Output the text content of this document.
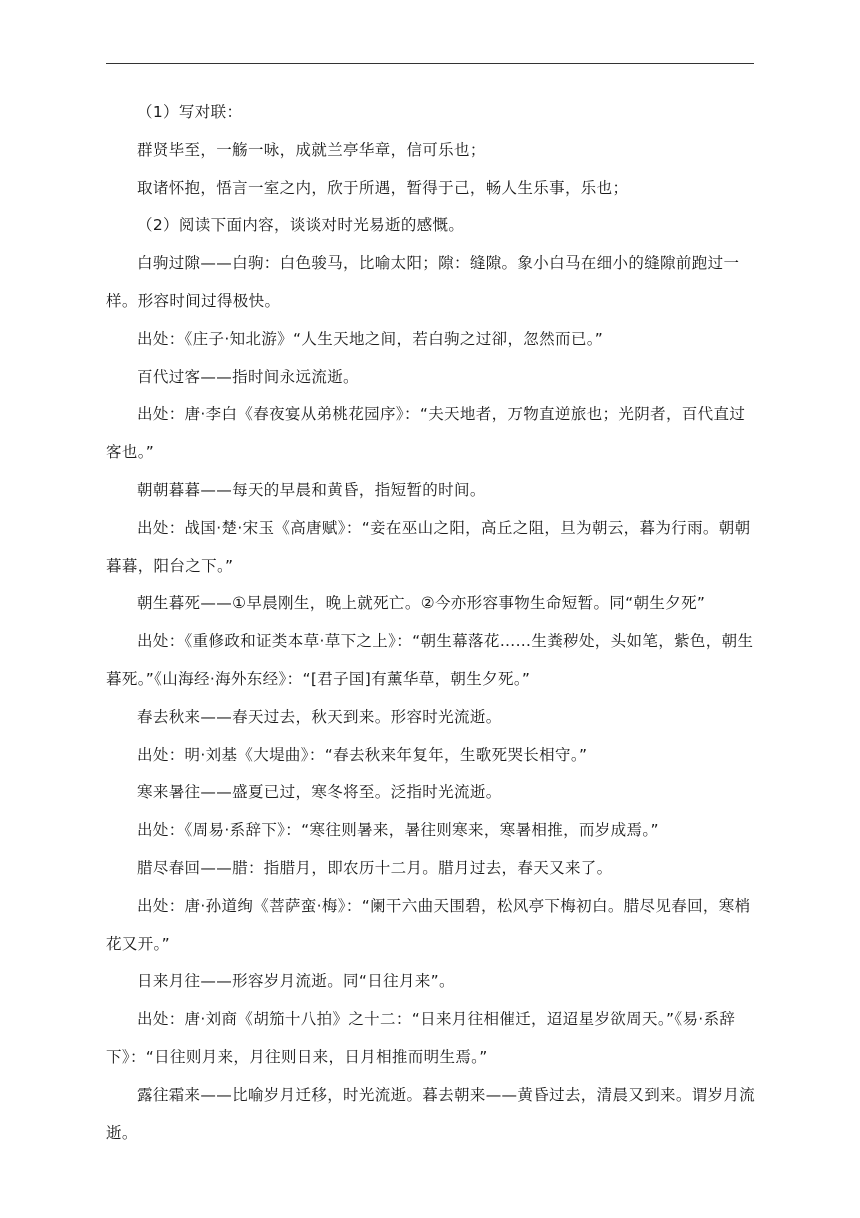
（1）写对联：

群贤毕至，一觞一咏，成就兰亭华章，信可乐也；

取诸怀抱，悟言一室之内，欣于所遇，暂得于己，畅人生乐事，乐也；

（2）阅读下面内容，谈谈对时光易逝的感慨。

白驹过隙——白驹：白色骏马，比喻太阳；隙：缝隙。象小白马在细小的缝隙前跑过一样。形容时间过得极快。

出处：《庄子·知北游》“人生天地之间，若白驹之过卻，忽然而已。”

百代过客——指时间永远流逝。

出处：唐·李白《春夜宴从弟桃花园序》：“夫天地者，万物直逆旅也；光阴者，百代直过客也。”

朝朝暮暮——每天的早晨和黄昏，指短暂的时间。

出处：战国·楚·宋玉《高唐赋》：“妾在巫山之阳，高丘之阻，旦为朝云，暮为行雨。朝朝暮暮，阳台之下。”

朝生暮死——①早晨刚生，晚上就死亡。②今亦形容事物生命短暂。同“朝生夕死”

出处：《重修政和证类本草·草下之上》：“朝生幕落花……生粪秽处，头如笔，紫色，朝生暮死。”《山海经·海外东经》：“[君子国]有薰华草，朝生夕死。”

春去秋来——春天过去，秋天到来。形容时光流逝。

出处：明·刘基《大堤曲》：“春去秋来年复年，生歌死哭长相守。”

寒来暑往——盛夏已过，寒冬将至。泛指时光流逝。

出处：《周易·系辞下》：“寒往则暑来，暑往则寒来，寒暑相推，而岁成焉。”

腊尽春回——腊：指腊月，即农历十二月。腊月过去，春天又来了。

出处：唐·孙道绚《菩萨蛮·梅》：“阑干六曲天围碧，松风亭下梅初白。腊尽见春回，寒梢花又开。”

日来月往——形容岁月流逝。同“日往月来”。

出处：唐·刘商《胡笳十八拍》之十二：“日来月往相催迁，迢迢星岁欲周天。”《易·系辞下》：“日往则月来，月往则日来，日月相推而明生焉。”

露往霜来——比喻岁月迁移，时光流逝。暮去朝来——黄昏过去，清晨又到来。谓岁月流逝。
